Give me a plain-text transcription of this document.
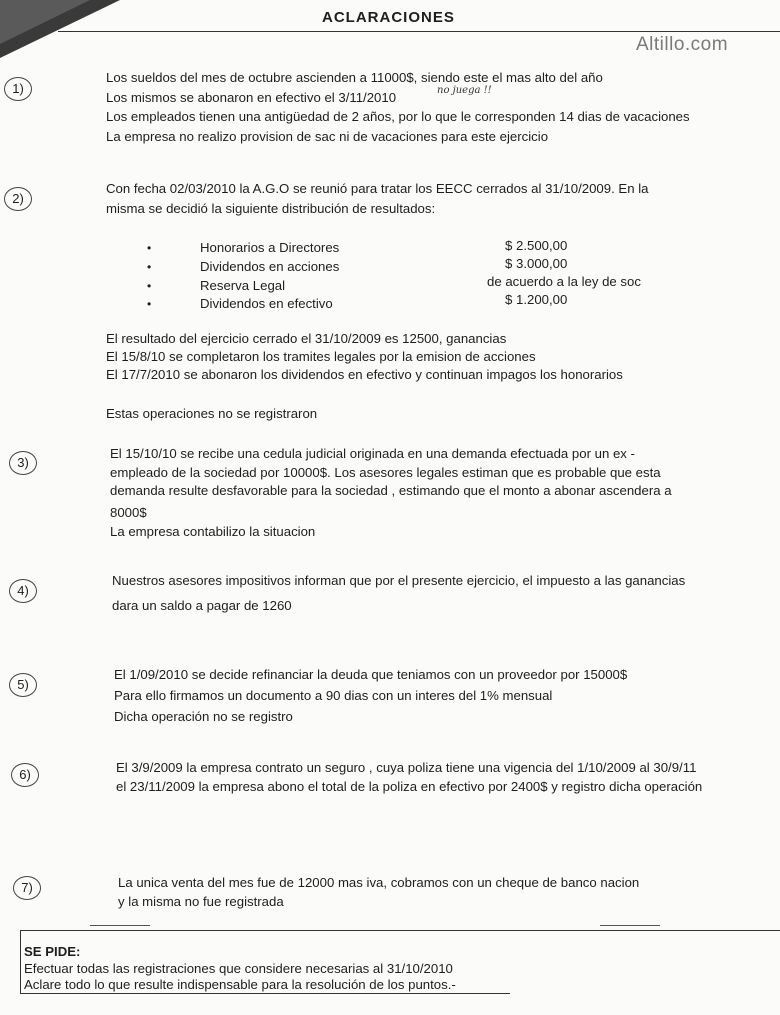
ACLARACIONES
Altillo.com
1)
Los sueldos del mes de octubre ascienden a 11000$, siendo este el mas alto del año
Los mismos se abonaron en efectivo el 3/11/2010	no juega !!
Los empleados tienen una antigüedad de 2 años, por lo que le corresponden 14 dias de vacaciones
La empresa no realizo provision de sac ni de vacaciones para este ejercicio
2)
Con fecha 02/03/2010 la A.G.O se reunió para tratar los EECC cerrados al 31/10/2009. En la
misma se decidió la siguiente distribución de resultados:
•	Honorarios a Directores	$ 2.500,00
•	Dividendos en acciones	$ 3.000,00
•	Reserva Legal	de acuerdo a la ley de soc
•	Dividendos en efectivo	$ 1.200,00
El resultado del ejercicio cerrado el 31/10/2009 es 12500, ganancias
El 15/8/10 se completaron los tramites legales por la emision de acciones
El 17/7/2010 se abonaron los dividendos en efectivo y continuan impagos los honorarios
Estas operaciones no se registraron
3)
El 15/10/10 se recibe una cedula judicial originada en una demanda efectuada por un ex -
empleado de la sociedad por 10000$. Los asesores legales estiman que es probable que esta
demanda resulte desfavorable para la sociedad , estimando que el monto a abonar ascendera a
8000$
La empresa contabilizo la situacion
4)
Nuestros asesores impositivos informan que por el presente ejercicio, el impuesto a las ganancias
dara un saldo a pagar de 1260
5)
El 1/09/2010 se decide refinanciar la deuda que teniamos con un proveedor por 15000$
Para ello firmamos un documento a 90 dias con un interes del 1% mensual
Dicha operación no se registro
6)	El 3/9/2009 la empresa contrato un seguro , cuya poliza tiene una vigencia del 1/10/2009 al 30/9/11
el 23/11/2009 la empresa abono el total de la poliza en efectivo por 2400$ y registro dicha operación
7)	La unica venta del mes fue de 12000 mas iva, cobramos con un cheque de banco nacion
y la misma no fue registrada
SE PIDE:
Efectuar todas las registraciones que considere necesarias al 31/10/2010
Aclare todo lo que resulte indispensable para la resolución de los puntos.-
